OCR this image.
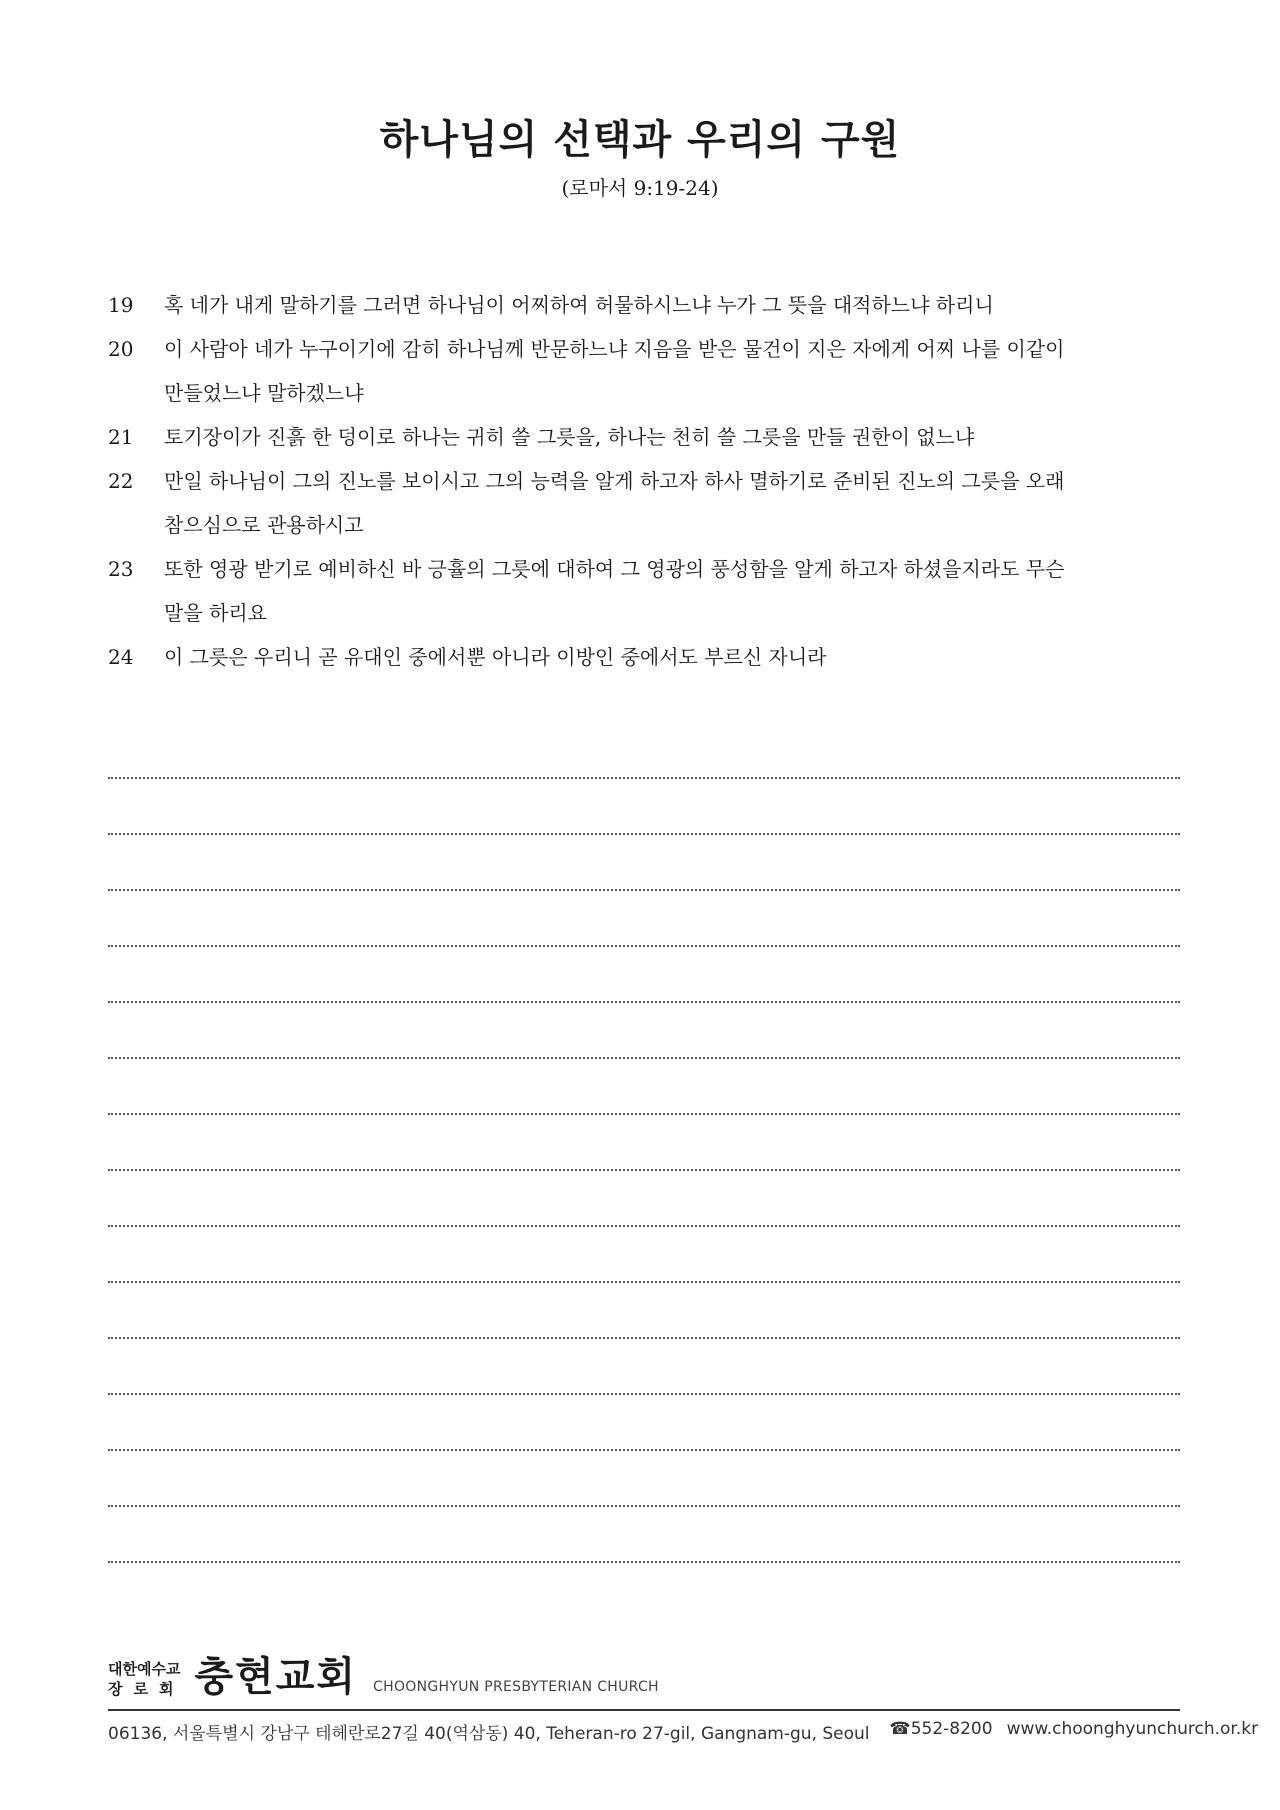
하나님의 선택과 우리의 구원
(로마서 9:19-24)
19	혹 네가 내게 말하기를 그러면 하나님이 어찌하여 허물하시느냐 누가 그 뜻을 대적하느냐 하리니
20	이 사람아 네가 누구이기에 감히 하나님께 반문하느냐 지음을 받은 물건이 지은 자에게 어찌 나를 이같이
만들었느냐 말하겠느냐
21	토기장이가 진흙 한 덩이로 하나는 귀히 쓸 그릇을, 하나는 천히 쓸 그릇을 만들 권한이 없느냐
22	만일 하나님이 그의 진노를 보이시고 그의 능력을 알게 하고자 하사 멸하기로 준비된 진노의 그릇을 오래
참으심으로 관용하시고
23	또한 영광 받기로 예비하신 바 긍휼의 그릇에 대하여 그 영광의 풍성함을 알게 하고자 하셨을지라도 무슨
말을 하리요
24	이 그릇은 우리니 곧 유대인 중에서뿐 아니라 이방인 중에서도 부르신 자니라
대한예수교
장로회 충현교회 CHOONGHYUN PRESBYTERIAN CHURCH
06136, 서울특별시 강남구 테헤란로27길 40(역삼동) 40, Teheran-ro 27-gil, Gangnam-gu, Seoul ☎552-8200 www.choonghyunchurch.or.kr
